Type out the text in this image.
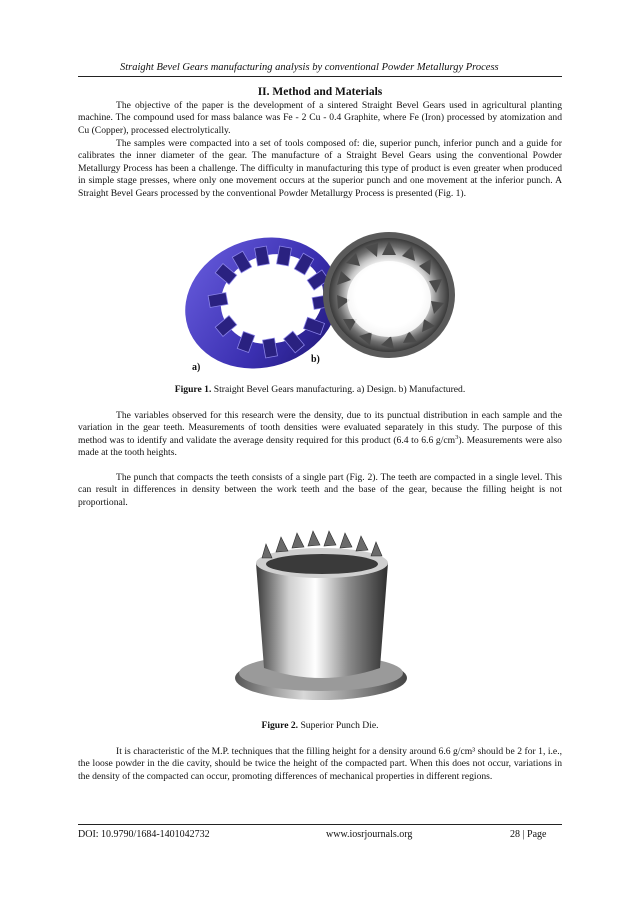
Straight Bevel Gears manufacturing analysis by conventional Powder Metallurgy Process
II. Method and Materials

The objective of the paper is the development of a sintered Straight Bevel Gears used in agricultural planting machine. The compound used for mass balance was Fe - 2 Cu - 0.4 Graphite, where Fe (Iron) processed by atomization and Cu (Copper), processed electrolytically.

The samples were compacted into a set of tools composed of: die, superior punch, inferior punch and a guide for calibrates the inner diameter of the gear. The manufacture of a Straight Bevel Gears using the conventional Powder Metallurgy Process has been a challenge. The difficulty in manufacturing this type of product is even greater when produced in simple stage presses, where only one movement occurs at the superior punch and one movement at the inferior punch. A Straight Bevel Gears processed by the conventional Powder Metallurgy Process is presented (Fig. 1).

a)
b)
Figure 1. Straight Bevel Gears manufacturing. a) Design. b) Manufactured.

The variables observed for this research were the density, due to its punctual distribution in each sample and the variation in the gear teeth. Measurements of tooth densities were evaluated separately in this study. The purpose of this method was to identify and validate the average density required for this product (6.4 to 6.6 $g/cm^3$). Measurements were also made at the tooth heights.

The punch that compacts the teeth consists of a single part (Fig. 2). The teeth are compacted in a single level. This can result in differences in density between the work teeth and the base of the gear, because the filling height is not proportional.

Figure 2. Superior Punch Die.

It is characteristic of the M.P. techniques that the filling height for a density around 6.6 g/cm³ should be 2 for 1, i.e., the loose powder in the die cavity, should be twice the height of the compacted part. When this does not occur, variations in the density of the compacted can occur, promoting differences of mechanical properties in different regions.

DOI: 10.9790/1684-1401042732	www.iosrjournals.org	28 | Page
